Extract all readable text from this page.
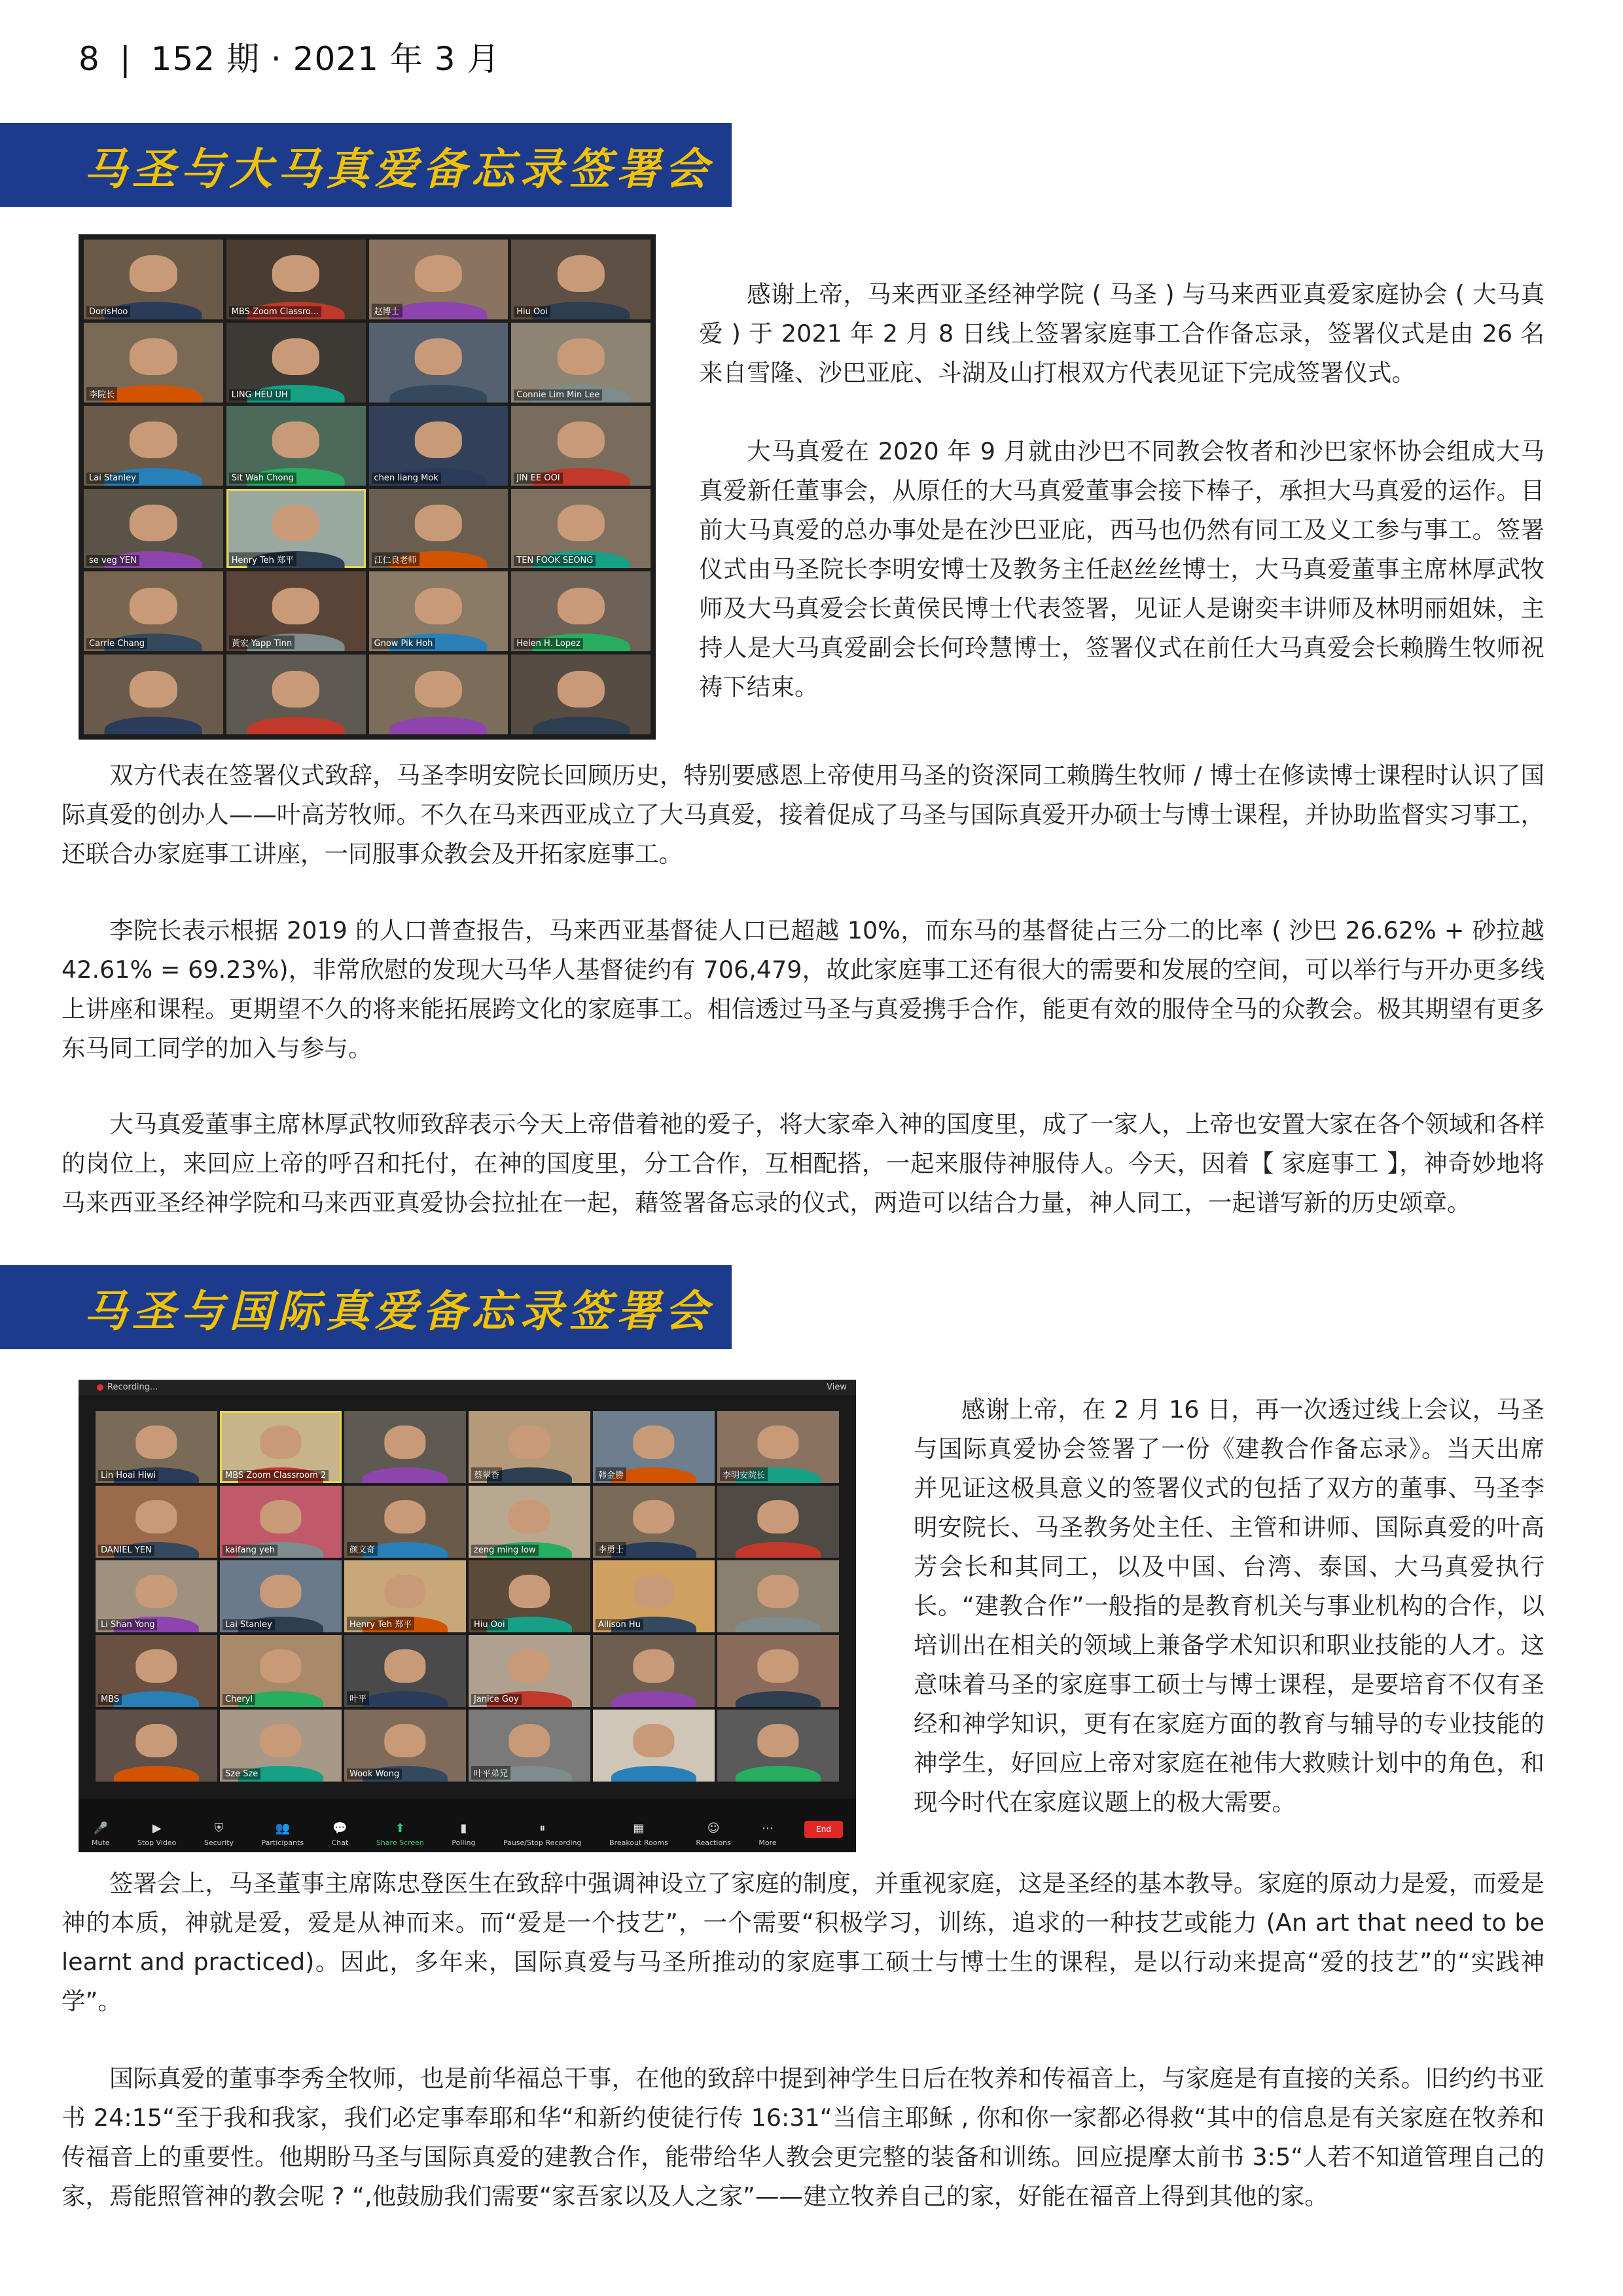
8 | 152 期 · 2021 年 3 月
马圣与大马真爱备忘录签署会
DorisHoo	MBS Zoom Classro...	赵博士	Hiu Ooi
李院长	LING HEU UH	Connie Lim Min Lee
Lai Stanley	Sit Wah Chong	chen liang Mok	JIN EE OOI
se veg YEN	Henry Teh 郑平	江仁良老师	TEN FOOK SEONG
Carrie Chang	黃宏 Yapp Tinn	Gnow Pik Hoh	Helen H. Lopez

感谢上帝，马来西亚圣经神学院 ( 马圣 ) 与马来西亚真爱家庭协会 ( 大马真爱 ) 于 2021 年 2 月 8 日线上签署家庭事工合作备忘录，签署仪式是由 26 名来自雪隆、沙巴亚庇、斗湖及山打根双方代表见证下完成签署仪式。

大马真爱在 2020 年 9 月就由沙巴不同教会牧者和沙巴家怀协会组成大马真爱新任董事会，从原任的大马真爱董事会接下棒子，承担大马真爱的运作。目前大马真爱的总办事处是在沙巴亚庇，西马也仍然有同工及义工参与事工。签署仪式由马圣院长李明安博士及教务主任赵丝丝博士，大马真爱董事主席林厚武牧师及大马真爱会长黄侯民博士代表签署，见证人是谢奕丰讲师及林明丽姐妹，主持人是大马真爱副会长何玲慧博士，签署仪式在前任大马真爱会长赖腾生牧师祝祷下结束。

双方代表在签署仪式致辞，马圣李明安院长回顾历史，特别要感恩上帝使用马圣的资深同工赖腾生牧师 / 博士在修读博士课程时认识了国际真爱的创办人——叶高芳牧师。不久在马来西亚成立了大马真爱，接着促成了马圣与国际真爱开办硕士与博士课程，并协助监督实习事工，还联合办家庭事工讲座，一同服事众教会及开拓家庭事工。

李院长表示根据 2019 的人口普查报告，马来西亚基督徒人口已超越 10%，而东马的基督徒占三分二的比率 ( 沙巴 26.62% + 砂拉越 42.61% = 69.23%)，非常欣慰的发现大马华人基督徒约有 706,479，故此家庭事工还有很大的需要和发展的空间，可以举行与开办更多线上讲座和课程。更期望不久的将来能拓展跨文化的家庭事工。相信透过马圣与真爱携手合作，能更有效的服侍全马的众教会。极其期望有更多东马同工同学的加入与参与。

大马真爱董事主席林厚武牧师致辞表示今天上帝借着祂的爱子，将大家牵入神的国度里，成了一家人，上帝也安置大家在各个领域和各样的岗位上，来回应上帝的呼召和托付，在神的国度里，分工合作，互相配搭，一起来服侍神服侍人。今天，因着【 家庭事工 】，神奇妙地将马来西亚圣经神学院和马来西亚真爱协会拉扯在一起，藉签署备忘录的仪式，两造可以结合力量，神人同工，一起谱写新的历史颂章。

马圣与国际真爱备忘录签署会
Recording...	View
Lin Hoai Hiwi	MBS Zoom Classroom 2	蔡翠香	韩金勝	李明安院长
DANIEL YEN	kaifang yeh	颜文奇	zeng ming low	李勇士
Li Shan Yong	Lai Stanley	Henry Teh 郑平	Hiu Ooi	Allison Hu
MBS	Cheryl	叶平	Janice Goy
Sze Sze	Wook Wong	叶平弟兄
🎤
Mute
▶
Stop Video
⛨
Security
👥
Participants
💬
Chat
⬆
Share Screen
▮
Polling
⏸
Pause/Stop Recording
▦
Breakout Rooms
☺
Reactions
⋯
More
End

感谢上帝，在 2 月 16 日，再一次透过线上会议，马圣与国际真爱协会签署了一份《建教合作备忘录》。当天出席并见证这极具意义的签署仪式的包括了双方的董事、马圣李明安院长、马圣教务处主任、主管和讲师、国际真爱的叶高芳会长和其同工，以及中国、台湾、泰国、大马真爱执行长。“建教合作”一般指的是教育机关与事业机构的合作，以培训出在相关的领域上兼备学术知识和职业技能的人才。这意味着马圣的家庭事工硕士与博士课程，是要培育不仅有圣经和神学知识，更有在家庭方面的教育与辅导的专业技能的神学生，好回应上帝对家庭在祂伟大救赎计划中的角色，和现今时代在家庭议题上的极大需要。

签署会上，马圣董事主席陈忠登医生在致辞中强调神设立了家庭的制度，并重视家庭，这是圣经的基本教导。家庭的原动力是爱，而爱是神的本质，神就是爱，爱是从神而来。而“爱是一个技艺”，一个需要“积极学习，训练，追求的一种技艺或能力 (An art that need to be learnt and practiced)。因此，多年来，国际真爱与马圣所推动的家庭事工硕士与博士生的课程，是以行动来提高“爱的技艺”的“实践神学”。

国际真爱的董事李秀全牧师，也是前华福总干事，在他的致辞中提到神学生日后在牧养和传福音上，与家庭是有直接的关系。旧约约书亚书 24:15“至于我和我家，我们必定事奉耶和华“和新约使徒行传 16:31“当信主耶稣 , 你和你一家都必得救“其中的信息是有关家庭在牧养和传福音上的重要性。他期盼马圣与国际真爱的建教合作，能带给华人教会更完整的装备和训练。回应提摩太前书 3:5“人若不知道管理自己的家，焉能照管神的教会呢 ? “,他鼓励我们需要“家吾家以及人之家”——建立牧养自己的家，好能在福音上得到其他的家。
